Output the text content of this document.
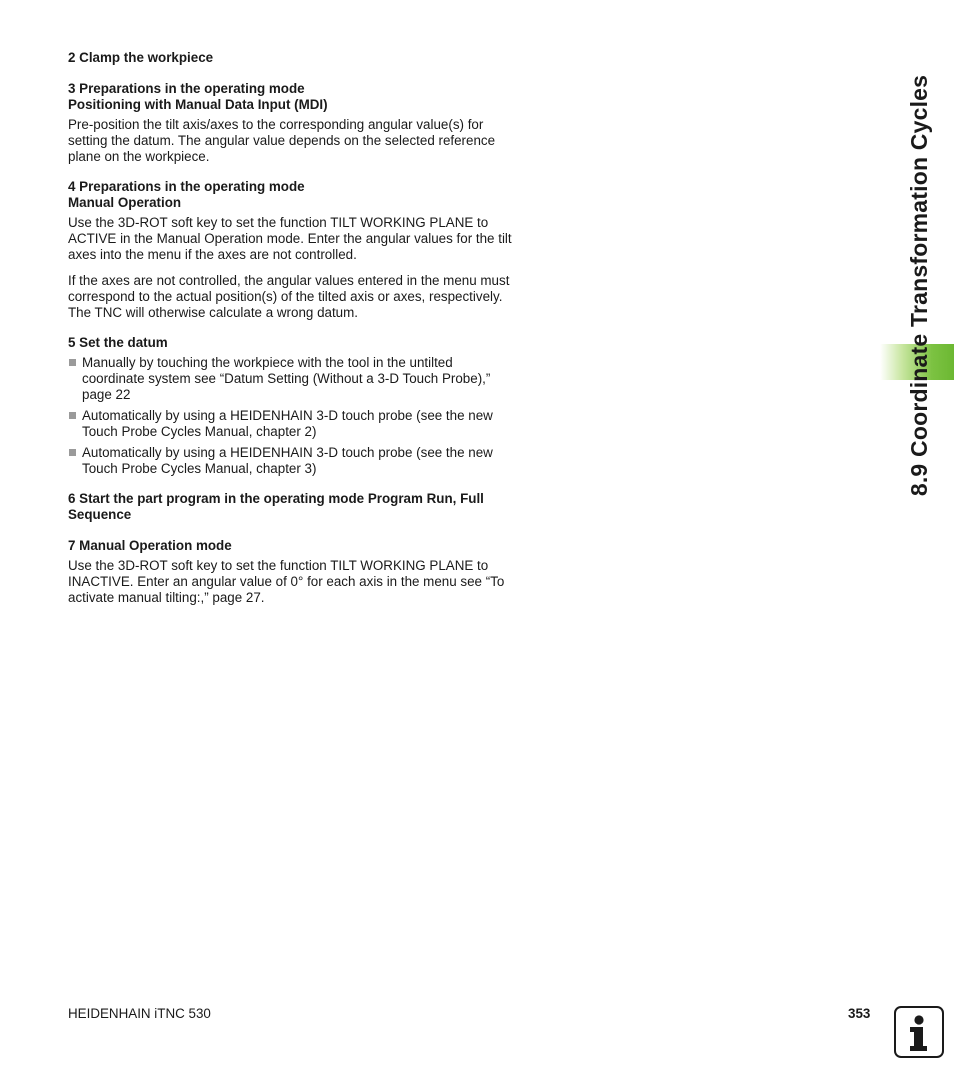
2 Clamp the workpiece

3 Preparations in the operating mode

Positioning with Manual Data Input (MDI)

Pre-position the tilt axis/axes to the corresponding angular value(s) for setting the datum. The angular value depends on the selected reference plane on the workpiece.

4 Preparations in the operating mode

Manual Operation

Use the 3D-ROT soft key to set the function TILT WORKING PLANE to ACTIVE in the Manual Operation mode. Enter the angular values for the tilt axes into the menu if the axes are not controlled.

If the axes are not controlled, the angular values entered in the menu must correspond to the actual position(s) of the tilted axis or axes, respectively. The TNC will otherwise calculate a wrong datum.

5 Set the datum

Manually by touching the workpiece with the tool in the untilted coordinate system see “Datum Setting (Without a 3-D Touch Probe),” page 22
Automatically by using a HEIDENHAIN 3-D touch probe (see the new Touch Probe Cycles Manual, chapter 2)
Automatically by using a HEIDENHAIN 3-D touch probe (see the new Touch Probe Cycles Manual, chapter 3)

6 Start the part program in the operating mode Program Run, Full Sequence

7 Manual Operation mode

Use the 3D-ROT soft key to set the function TILT WORKING PLANE to INACTIVE. Enter an angular value of 0° for each axis in the menu see “To activate manual tilting:,” page 27.

8.9 Coordinate Transformation Cycles
HEIDENHAIN iTNC 530	353
